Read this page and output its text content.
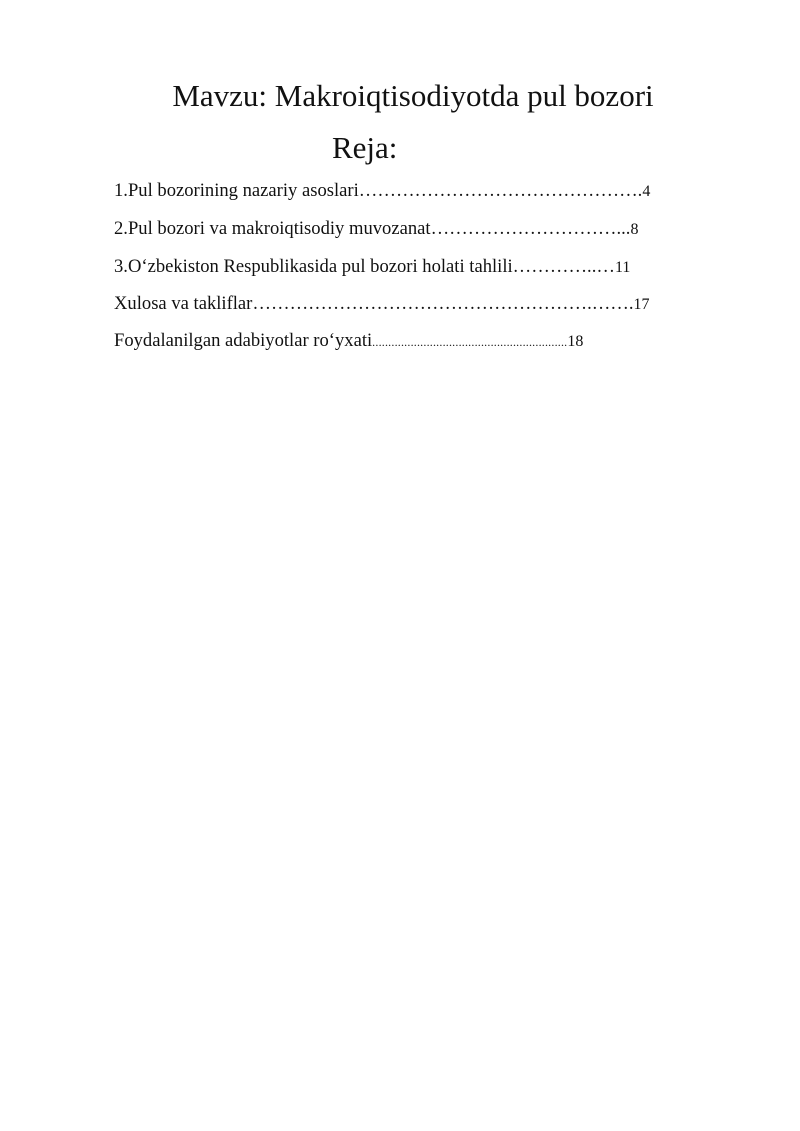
Mavzu: Makroiqtisodiyotda pul bozori
Reja:
1.Pul bozorining nazariy asoslari……………………………………….4
2.Pul bozori va makroiqtisodiy muvozanat…………………………...8
3.O‘zbekiston Respublikasida pul bozori holati tahlili…………..…11
Xulosa va takliflar……………………………………………….…….17
Foydalanilgan adabiyotlar ro‘yxati.............................................................18
